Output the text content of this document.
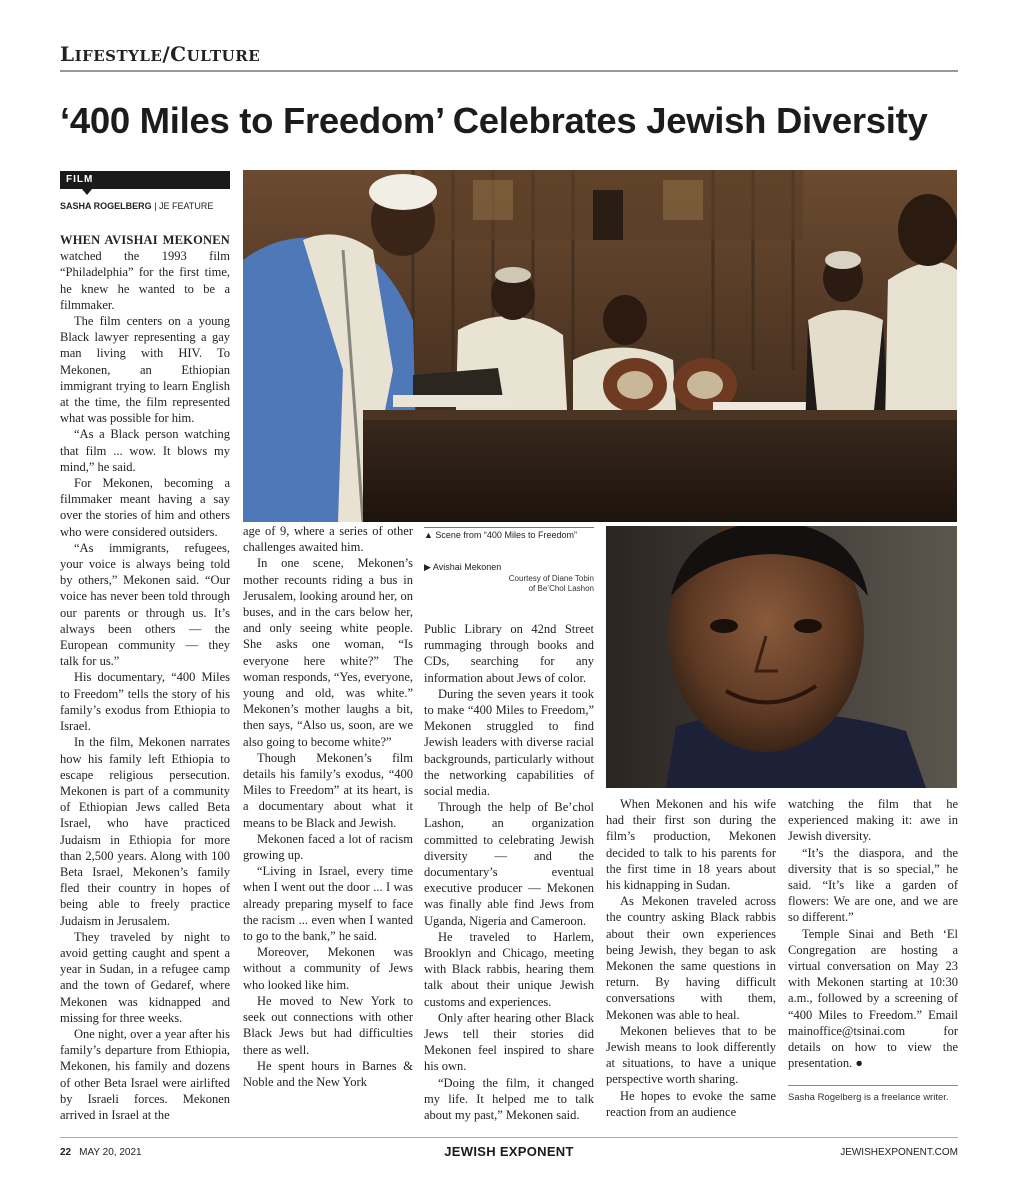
LIFESTYLE/CULTURE
‘400 Miles to Freedom’ Celebrates Jewish Diversity
FILM
SASHA ROGELBERG | JE FEATURE
▲ Scene from “400 Miles to Freedom”
▶ Avishai Mekonen
Courtesy of Diane Tobin
of Be’Chol Lashon

WHEN AVISHAI MEKONEN watched the 1993 film “Philadelphia” for the first time, he knew he wanted to be a filmmaker.

The film centers on a young Black lawyer representing a gay man living with HIV. To Mekonen, an Ethiopian immigrant trying to learn English at the time, the film represented what was possible for him.

“As a Black person watching that film ... wow. It blows my mind,” he said.

For Mekonen, becoming a filmmaker meant having a say over the stories of him and others who were considered outsiders.

“As immigrants, refugees, your voice is always being told by others,” Mekonen said. “Our voice has never been told through our parents or through us. It’s always been others — the European community — they talk for us.”

His documentary, “400 Miles to Freedom” tells the story of his family’s exodus from Ethiopia to Israel.

In the film, Mekonen narrates how his family left Ethiopia to escape religious persecution. Mekonen is part of a community of Ethiopian Jews called Beta Israel, who have practiced Judaism in Ethiopia for more than 2,500 years. Along with 100 Beta Israel, Mekonen’s family fled their country in hopes of being able to freely practice Judaism in Jerusalem.

They traveled by night to avoid getting caught and spent a year in Sudan, in a refugee camp and the town of Gedaref, where Mekonen was kidnapped and missing for three weeks.

One night, over a year after his family’s departure from Ethiopia, Mekonen, his family and dozens of other Beta Israel were airlifted by Israeli forces. Mekonen arrived in Israel at the

age of 9, where a series of other challenges awaited him.

In one scene, Mekonen’s mother recounts riding a bus in Jerusalem, looking around her, on buses, and in the cars below her, and only seeing white people. She asks one woman, “Is everyone here white?” The woman responds, “Yes, everyone, young and old, was white.” Mekonen’s mother laughs a bit, then says, “Also us, soon, are we also going to become white?”

Though Mekonen’s film details his family’s exodus, “400 Miles to Freedom” at its heart, is a documentary about what it means to be Black and Jewish.

Mekonen faced a lot of racism growing up.

“Living in Israel, every time when I went out the door ... I was already preparing myself to face the racism ... even when I wanted to go to the bank,” he said.

Moreover, Mekonen was without a community of Jews who looked like him.

He moved to New York to seek out connections with other Black Jews but had difficulties there as well.

He spent hours in Barnes & Noble and the New York

Public Library on 42nd Street rummaging through books and CDs, searching for any information about Jews of color.

During the seven years it took to make “400 Miles to Freedom,” Mekonen struggled to find Jewish leaders with diverse racial backgrounds, particularly without the networking capabilities of social media.

Through the help of Be’chol Lashon, an organization committed to celebrating Jewish diversity — and the documentary’s eventual executive producer — Mekonen was finally able find Jews from Uganda, Nigeria and Cameroon.

He traveled to Harlem, Brooklyn and Chicago, meeting with Black rabbis, hearing them talk about their unique Jewish customs and experiences.

Only after hearing other Black Jews tell their stories did Mekonen feel inspired to share his own.

“Doing the film, it changed my life. It helped me to talk about my past,” Mekonen said.

When Mekonen and his wife had their first son during the film’s production, Mekonen decided to talk to his parents for the first time in 18 years about his kidnapping in Sudan.

As Mekonen traveled across the country asking Black rabbis about their own experiences being Jewish, they began to ask Mekonen the same questions in return. By having difficult conversations with them, Mekonen was able to heal.

Mekonen believes that to be Jewish means to look differently at situations, to have a unique perspective worth sharing.

He hopes to evoke the same reaction from an audience

watching the film that he experienced making it: awe in Jewish diversity.

“It’s the diaspora, and the diversity that is so special,” he said. “It’s like a garden of flowers: We are one, and we are so different.”

Temple Sinai and Beth ‘El Congregation are hosting a virtual conversation on May 23 with Mekonen starting at 10:30 a.m., followed by a screening of “400 Miles to Freedom.” Email mainoffice@tsinai.com for details on how to view the presentation. ●

Sasha Rogelberg is a freelance writer.
22 MAY 20, 2021	JEWISH EXPONENT	JEWISHEXPONENT.COM
